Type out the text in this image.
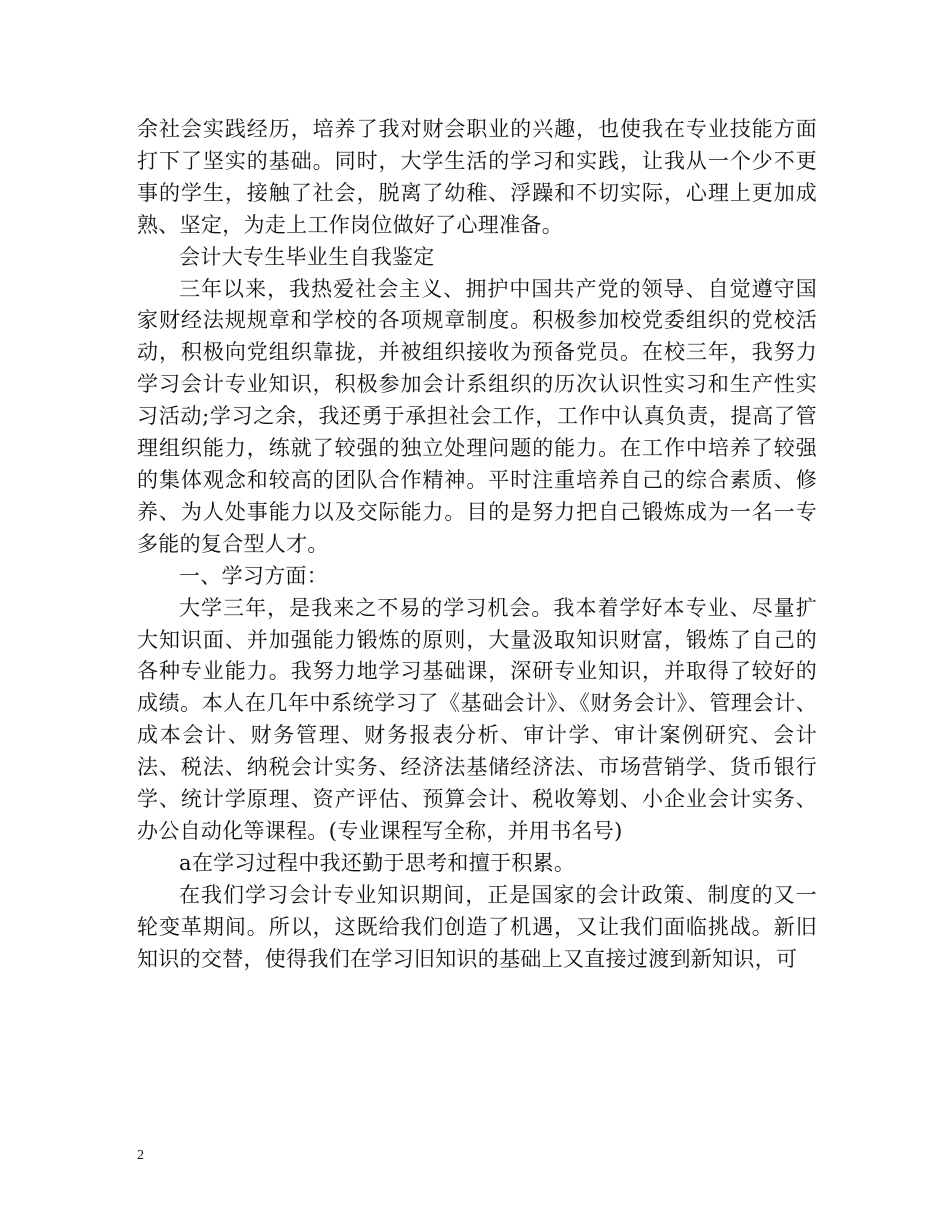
余社会实践经历，培养了我对财会职业的兴趣，也使我在专业技能方面打下了坚实的基础。同时，大学生活的学习和实践，让我从一个少不更事的学生，接触了社会，脱离了幼稚、浮躁和不切实际，心理上更加成熟、坚定，为走上工作岗位做好了心理准备。

会计大专生毕业生自我鉴定

三年以来，我热爱社会主义、拥护中国共产党的领导、自觉遵守国家财经法规规章和学校的各项规章制度。积极参加校党委组织的党校活动，积极向党组织靠拢，并被组织接收为预备党员。在校三年，我努力学习会计专业知识，积极参加会计系组织的历次认识性实习和生产性实习活动;学习之余，我还勇于承担社会工作，工作中认真负责，提高了管理组织能力，练就了较强的独立处理问题的能力。在工作中培养了较强的集体观念和较高的团队合作精神。平时注重培养自己的综合素质、修养、为人处事能力以及交际能力。目的是努力把自己锻炼成为一名一专多能的复合型人才。

一、学习方面：

大学三年，是我来之不易的学习机会。我本着学好本专业、尽量扩大知识面、并加强能力锻炼的原则，大量汲取知识财富，锻炼了自己的各种专业能力。我努力地学习基础课，深研专业知识，并取得了较好的成绩。本人在几年中系统学习了《基础会计》、《财务会计》、管理会计、成本会计、财务管理、财务报表分析、审计学、审计案例研究、会计法、税法、纳税会计实务、经济法基储经济法、市场营销学、货币银行学、统计学原理、资产评估、预算会计、税收筹划、小企业会计实务、办公自动化等课程。(专业课程写全称，并用书名号)

a在学习过程中我还勤于思考和擅于积累。

在我们学习会计专业知识期间，正是国家的会计政策、制度的又一轮变革期间。所以，这既给我们创造了机遇，又让我们面临挑战。新旧知识的交替，使得我们在学习旧知识的基础上又直接过渡到新知识，可

2
